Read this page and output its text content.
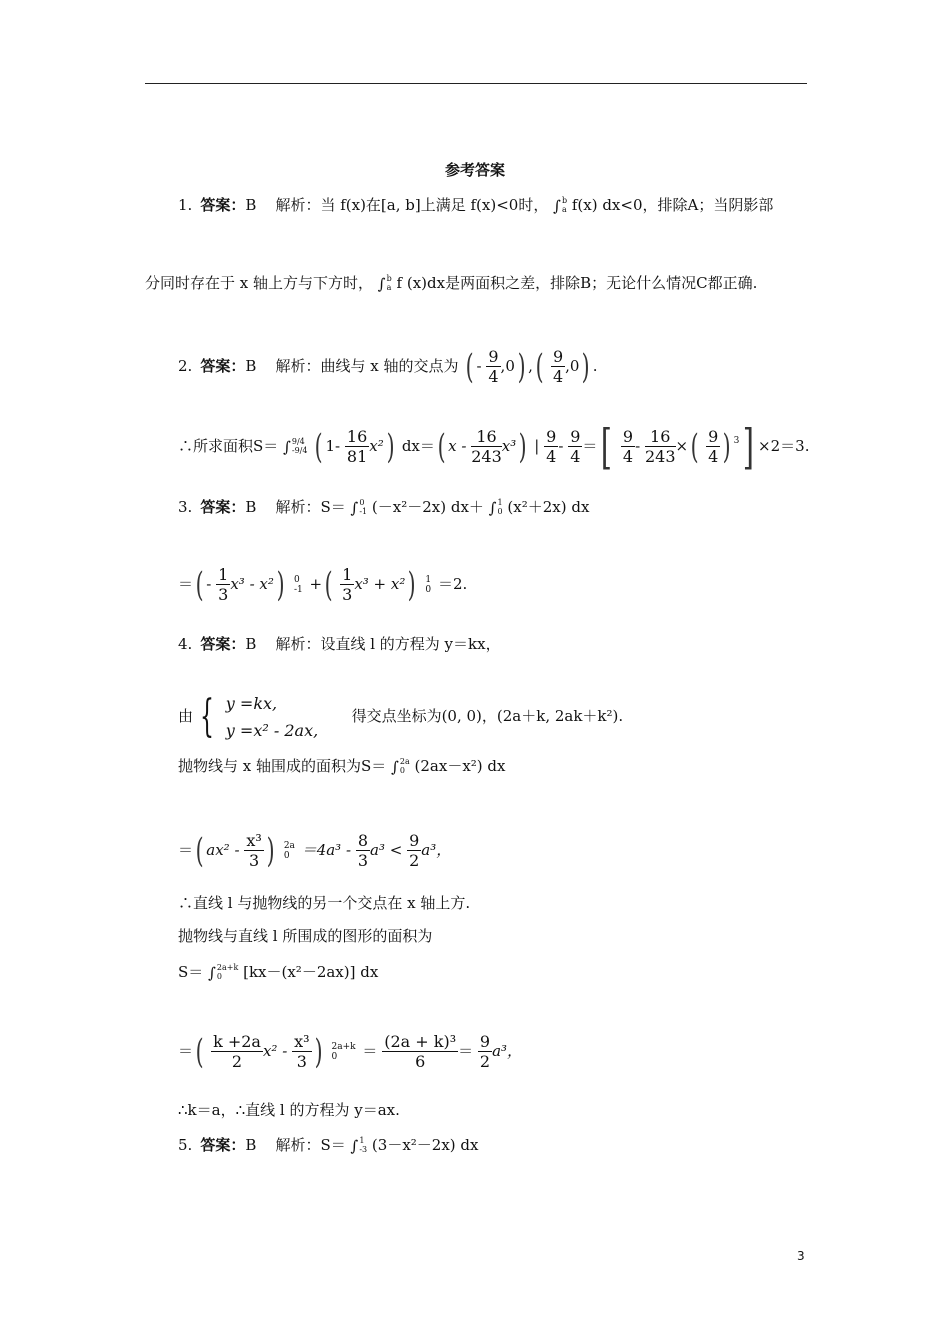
参考答案
1. 答案：B 解析：当 f(x)在[a, b]上满足 f(x)<0时， ∫ b
a f(x) dx<0，排除A；当阴影部
分同时存在于 x 轴上方与下方时， ∫ b
a f (x)dx是两面积之差，排除B；无论什么情况C都正确.
2. 答案：B 解析：曲线与 x 轴的交点为 ( - $\frac{9}{4} ,0$) ,( $\frac{9}{4} ,0$) .
∴所求面积S＝ ∫ 9/4
-9/4 ( $1- \frac{16}{81} x^2$) dx＝( x - $\frac{16}{243} x^3$) | $\frac{9}{4} - \frac{9}{4}$ ＝[ $\frac{9}{4} - \frac{16}{243}$ ×( $\frac{9}{4}$ ) $^3$] ×2＝3.
3. 答案：B 解析：S＝ ∫ 0
-1 (－x²－2x) dx＋ ∫ 1
0 (x²＋2x) dx
＝( - $\frac{1}{3} x^3 - x^2$) 0
-1 +( $\frac{1}{3} x^3 + x^2$) 1
0 ＝2.
4. 答案：B 解析：设直线 l 的方程为 y＝kx，
由 { y =kx,
y =x² - 2ax,
得交点坐标为(0, 0)，(2a＋k, 2ak＋k²).
抛物线与 x 轴围成的面积为S＝ ∫ 2a
0 (2ax－x²) dx
＝( $ax^2 - \frac{\text{x³}}{3}$ ) 2a
$0 =4a^3 - \frac{8}{3} a^3 < \frac{9}{2} a^3$，
∴直线 l 与抛物线的另一个交点在 x 轴上方.
抛物线与直线 l 所围成的图形的面积为
S＝ ∫ 2a+k
0	[kx－(x²－2ax)] dx
＝( $\frac{k +2a}{2} x^2 - \frac{\text{x³}}{3}$ ) 2a+k
0	＝ $\frac{\text{(2a + k)³}}{6} = \frac{9}{2} a^3$，
∴k＝a，∴直线 l 的方程为 y＝ax.
5. 答案：B 解析：S＝ ∫ 1
-3 (3－x²－2x) dx
3
